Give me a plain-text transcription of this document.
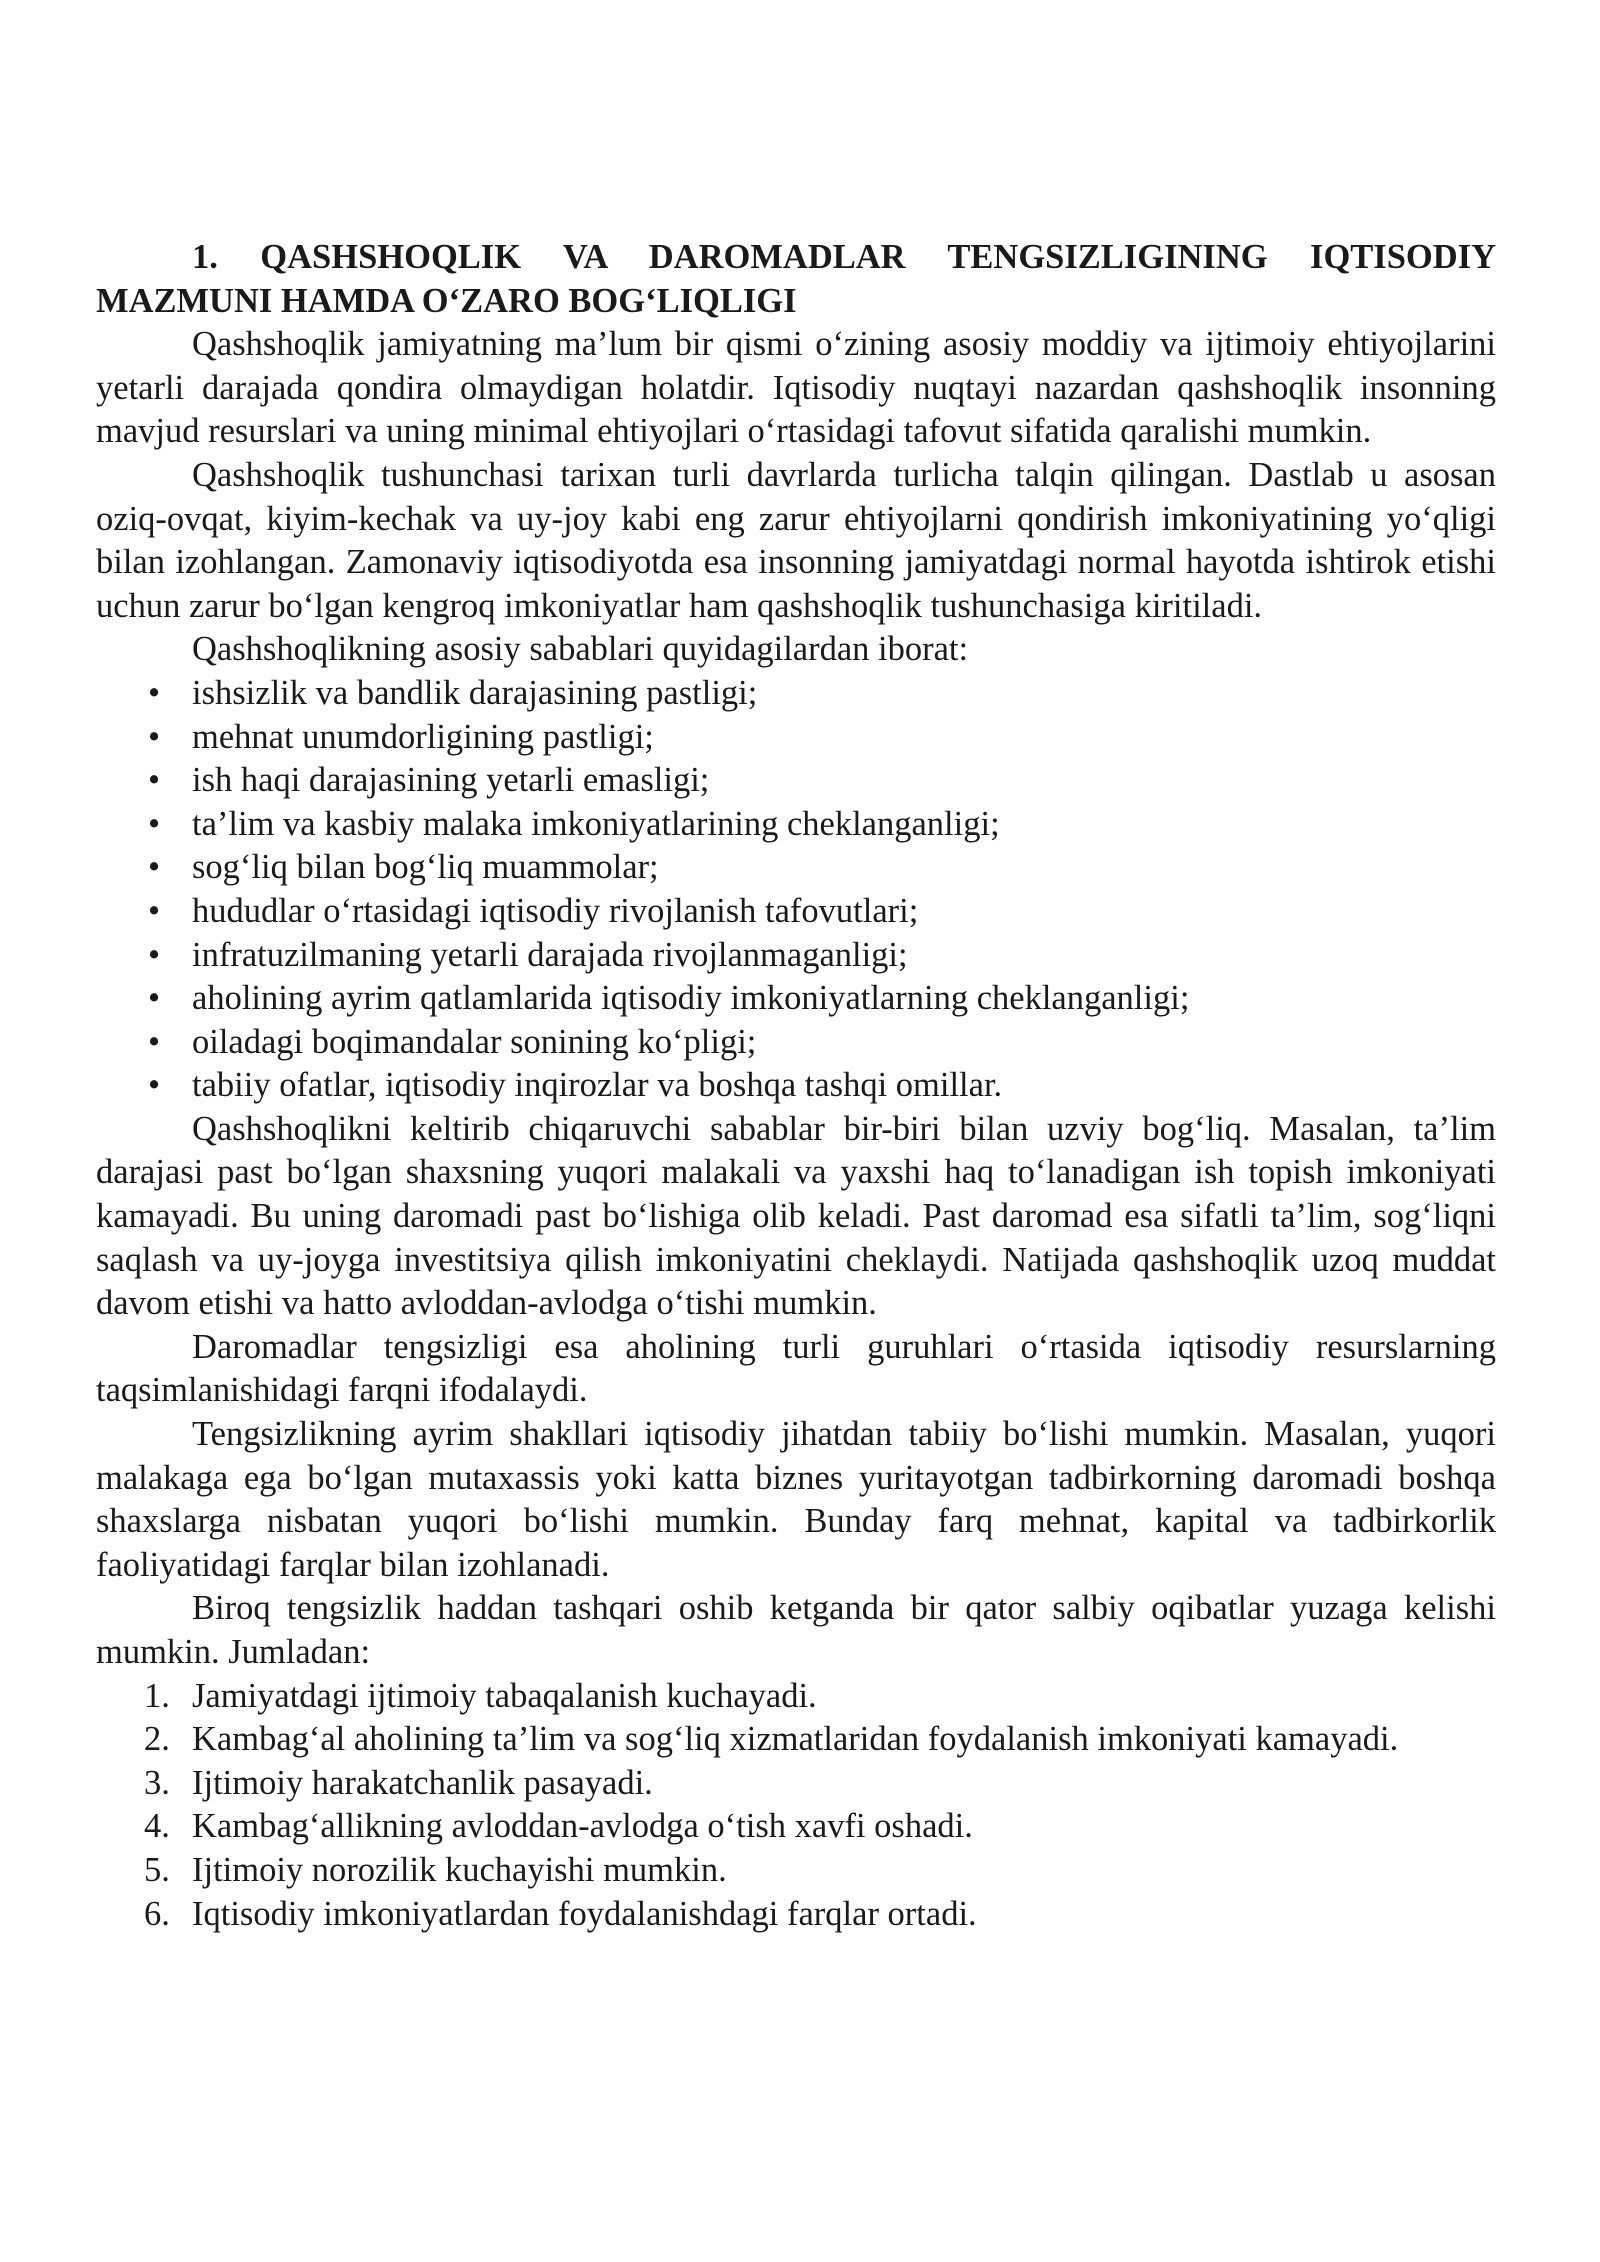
1. QASHSHOQLIK VA DAROMADLAR TENGSIZLIGINING IQTISODIY MAZMUNI HAMDA O‘ZARO BOG‘LIQLIGI

Qashshoqlik jamiyatning ma’lum bir qismi o‘zining asosiy moddiy va ijtimoiy ehtiyojlarini yetarli darajada qondira olmaydigan holatdir. Iqtisodiy nuqtayi nazardan qashshoqlik insonning mavjud resurslari va uning minimal ehtiyojlari o‘rtasidagi tafovut sifatida qaralishi mumkin.

Qashshoqlik tushunchasi tarixan turli davrlarda turlicha talqin qilingan. Dastlab u asosan oziq-ovqat, kiyim-kechak va uy-joy kabi eng zarur ehtiyojlarni qondirish imkoniyatining yo‘qligi bilan izohlangan. Zamonaviy iqtisodiyotda esa insonning jamiyatdagi normal hayotda ishtirok etishi uchun zarur bo‘lgan kengroq imkoniyatlar ham qashshoqlik tushunchasiga kiritiladi.

Qashshoqlikning asosiy sabablari quyidagilardan iborat:

• ishsizlik va bandlik darajasining pastligi;
• mehnat unumdorligining pastligi;
• ish haqi darajasining yetarli emasligi;
• ta’lim va kasbiy malaka imkoniyatlarining cheklanganligi;
• sog‘liq bilan bog‘liq muammolar;
• hududlar o‘rtasidagi iqtisodiy rivojlanish tafovutlari;
• infratuzilmaning yetarli darajada rivojlanmaganligi;
• aholining ayrim qatlamlarida iqtisodiy imkoniyatlarning cheklanganligi;
• oiladagi boqimandalar sonining ko‘pligi;
• tabiiy ofatlar, iqtisodiy inqirozlar va boshqa tashqi omillar.

Qashshoqlikni keltirib chiqaruvchi sabablar bir-biri bilan uzviy bog‘liq. Masalan, ta’lim darajasi past bo‘lgan shaxsning yuqori malakali va yaxshi haq to‘lanadigan ish topish imkoniyati kamayadi. Bu uning daromadi past bo‘lishiga olib keladi. Past daromad esa sifatli ta’lim, sog‘liqni saqlash va uy-joyga investitsiya qilish imkoniyatini cheklaydi. Natijada qashshoqlik uzoq muddat davom etishi va hatto avloddan-avlodga o‘tishi mumkin.

Daromadlar tengsizligi esa aholining turli guruhlari o‘rtasida iqtisodiy resurslarning taqsimlanishidagi farqni ifodalaydi.

Tengsizlikning ayrim shakllari iqtisodiy jihatdan tabiiy bo‘lishi mumkin. Masalan, yuqori malakaga ega bo‘lgan mutaxassis yoki katta biznes yuritayotgan tadbirkorning daromadi boshqa shaxslarga nisbatan yuqori bo‘lishi mumkin. Bunday farq mehnat, kapital va tadbirkorlik faoliyatidagi farqlar bilan izohlanadi.

Biroq tengsizlik haddan tashqari oshib ketganda bir qator salbiy oqibatlar yuzaga kelishi mumkin. Jumladan:

1. Jamiyatdagi ijtimoiy tabaqalanish kuchayadi.
2. Kambag‘al aholining ta’lim va sog‘liq xizmatlaridan foydalanish imkoniyati kamayadi.
3. Ijtimoiy harakatchanlik pasayadi.
4. Kambag‘allikning avloddan-avlodga o‘tish xavfi oshadi.
5. Ijtimoiy norozilik kuchayishi mumkin.
6. Iqtisodiy imkoniyatlardan foydalanishdagi farqlar ortadi.
